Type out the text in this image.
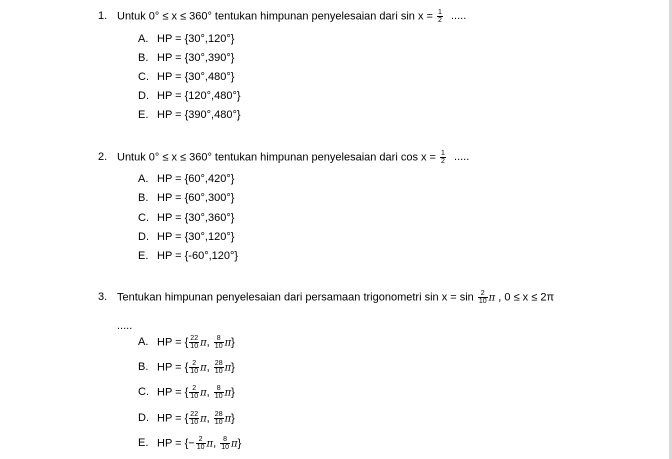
1. Untuk 0° ≤ x ≤ 360° tentukan himpunan penyelesaian dari $\sin x = \frac{1}{2}$ .....
A. HP = {30°,120°}
B. HP = {30°,390°}
C. HP = {30°,480°}
D. HP = {120°,480°}
E. HP = {390°,480°}
2. Untuk 0° ≤ x ≤ 360° tentukan himpunan penyelesaian dari $\cos x = \frac{1}{2}$ .....
A. HP = {60°,420°}
B. HP = {60°,300°}
C. HP = {30°,360°}
D. HP = {30°,120°}
E. HP = {-60°,120°}
3. Tentukan himpunan penyelesaian dari persamaan trigonometri $\sin x = \sin \frac{2}{10}$ π , 0 ≤ x ≤ 2π
.....
A. HP = { $\frac{22}{10} \pi$, $\frac{8}{10} \pi$}
B. HP = { $\frac{2}{10} \pi$, $\frac{28}{10} \pi$}
C. HP = { $\frac{2}{10} \pi$, $\frac{8}{10} \pi$}
D. HP = { $\frac{22}{10} \pi$, $\frac{28}{10} \pi$}
E. HP = {− $\frac{2}{10} \pi$, $\frac{8}{10} \pi$}
